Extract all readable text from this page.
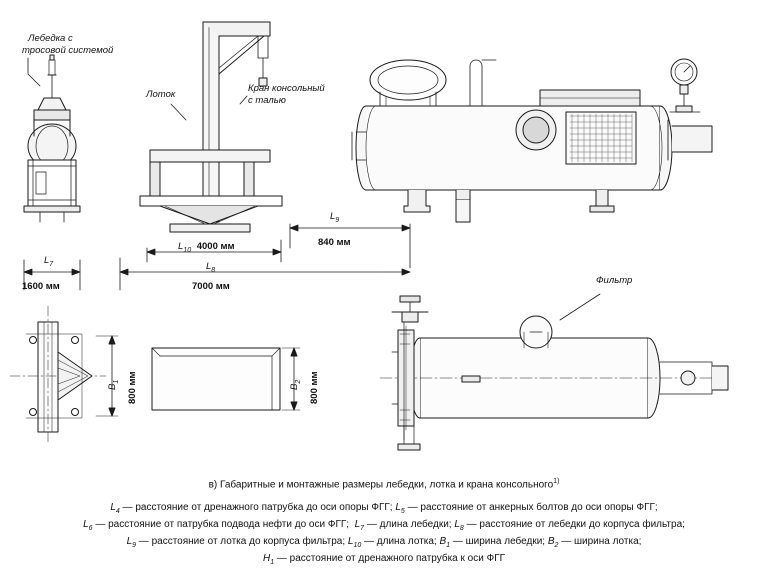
Лебедка с
тросовой системой
Лоток
Кран консольный
с талью
Фильтр
$L_9$
840 мм
$L_{10}$ 4000 мм
$L_7$
1600 мм
$L_8$
7000 мм
$B_1$ 800 мм	$B_2$ 800 мм
в) Габаритные и монтажные размеры лебедки, лотка и крана консольного$^{1)}$
$L_4$ — расстояние от дренажного патрубка до оси опоры ФГГ; $L_5$ — расстояние от анкерных болтов до оси опоры ФГГ;
$L_6$ — расстояние от патрубка подвода нефти до оси ФГГ;  $L_7$ — длина лебедки; $L_8$ — расстояние от лебедки до корпуса фильтра;
$L_9$ — расстояние от лотка до корпуса фильтра; $L_{10}$ — длина лотка; $B_1$ — ширина лебедки; $B_2$ — ширина лотка;
$H_1$ — расстояние от дренажного патрубка к оси ФГГ
